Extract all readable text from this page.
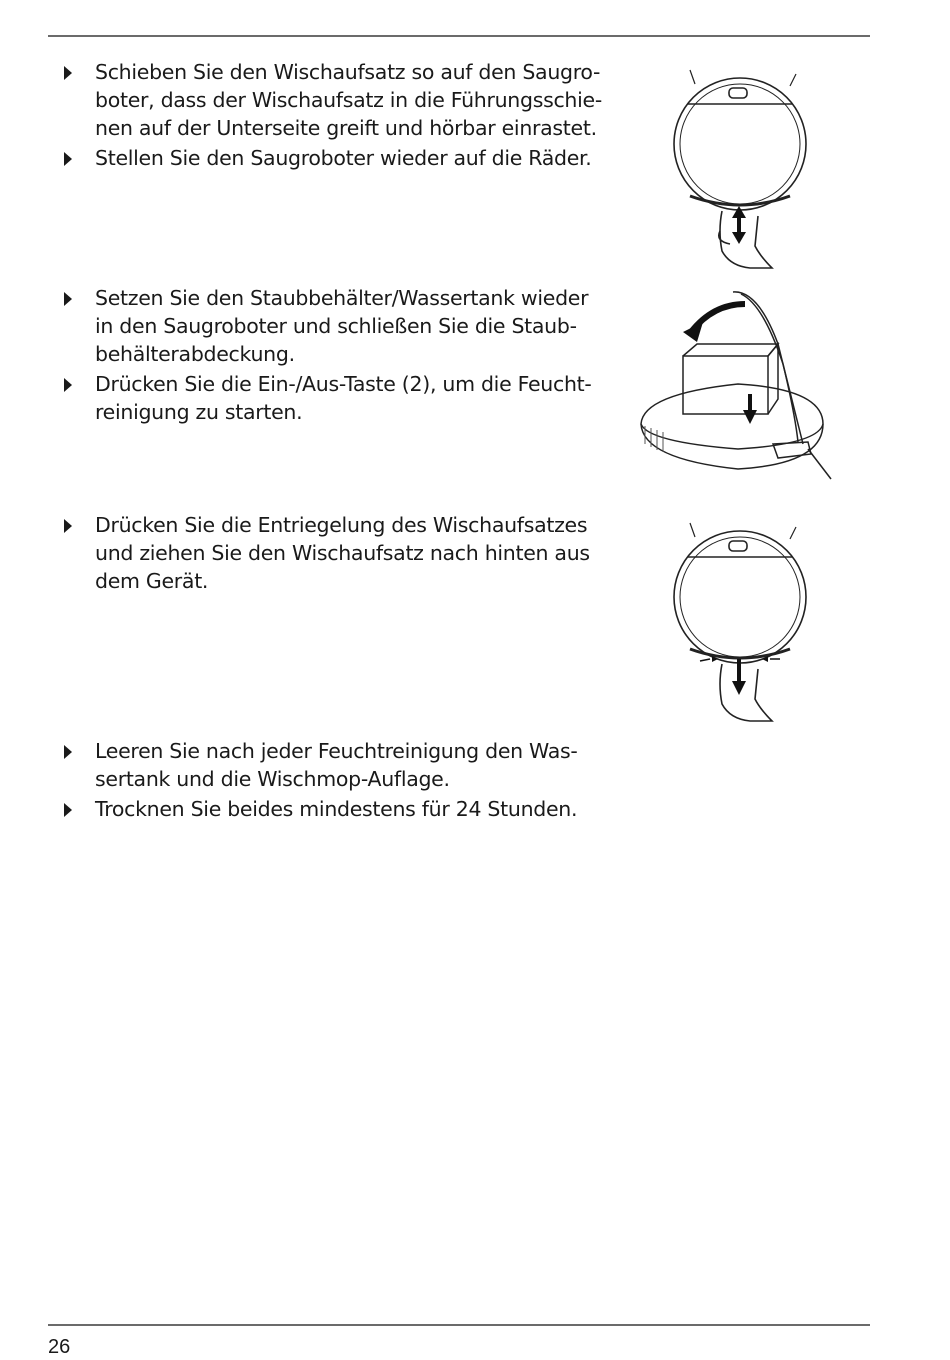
Schieben Sie den Wischaufsatz so auf den Saugro-
boter, dass der Wischaufsatz in die Führungsschie-
nen auf der Unterseite greift und hörbar einrastet.
Stellen Sie den Saugroboter wieder auf die Räder.
Setzen Sie den Staubbehälter/Wassertank wieder
in den Saugroboter und schließen Sie die Staub-
behälterabdeckung.
Drücken Sie die Ein-/Aus-Taste (2), um die Feucht-
reinigung zu starten.
Drücken Sie die Entriegelung des Wischaufsatzes
und ziehen Sie den Wischaufsatz nach hinten aus
dem Gerät.
Leeren Sie nach jeder Feuchtreinigung den Was-
sertank und die Wischmop-Auflage.
Trocknen Sie beides mindestens für 24 Stunden.
26
